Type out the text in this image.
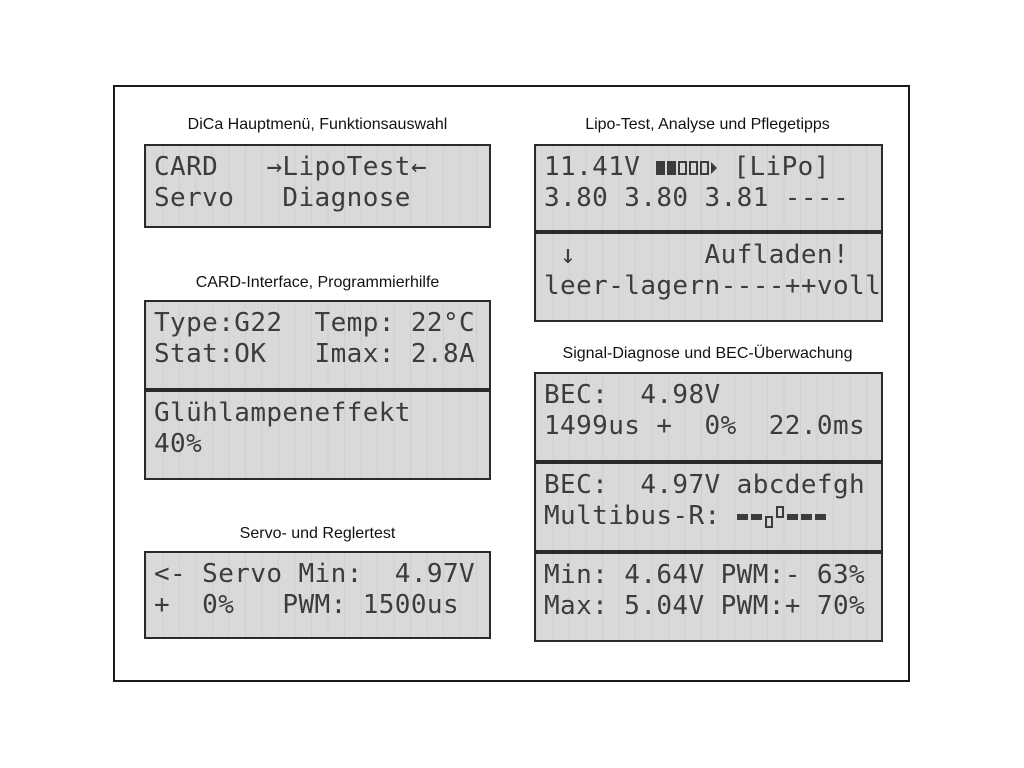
DiCa Hauptmenü, Funktionsauswahl
CARD   →LipoTest←
Servo   Diagnose
CARD-Interface, Programmierhilfe
Type:G22  Temp: 22°C
Stat:OK   Imax: 2.8A
Glühlampeneffekt
40%
Servo- und Reglertest
<- Servo Min:  4.97V
+  0%   PWM: 1500us
Lipo-Test, Analyse und Pflegetipps
11.41V  [LiPo]
3.80 3.80 3.81 ----
↓        Aufladen!
leer-lagern----++voll
Signal-Diagnose und BEC-Überwachung
BEC:  4.98V
1499us +  0%  22.0ms
BEC:  4.97V abcdefgh
Multibus-R:
Min: 4.64V PWM:- 63%
Max: 5.04V PWM:+ 70%
